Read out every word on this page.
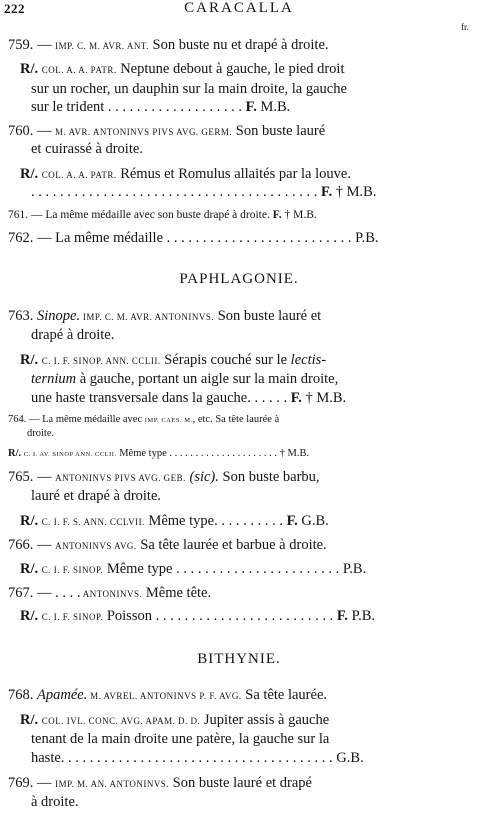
222	CARACALLA
fr.
759. — IMP. C. M. AVR. ANT. Son buste nu et drapé à droite.
R/. COL. A. A. PATR. Neptune debout à gauche, le pied droit
sur un rocher, un dauphin sur la main droite, la gauche
sur le trident . . . . . . . . . . . . . . . . . . . F. M.B.
760. — M. AVR. ANTONINVS PIVS AVG. GERM. Son buste lauré
et cuirassé à droite.
R/. COL. A. A. PATR. Rémus et Romulus allaités par la louve.
. . . . . . . . . . . . . . . . . . . . . . . . . . . . . . . . . . . . . . . . F. † M.B.
761. — La même médaille avec son buste drapé à droite. F. † M.B.
762. — La même médaille . . . . . . . . . . . . . . . . . . . . . . . . . . P.B.
PAPHLAGONIE.
763. Sinope. IMP. C. M. AVR. ANTONINVS. Son buste lauré et
drapé à droite.
R/. C. I. F. SINOP. ANN. CCLII. Sérapis couché sur le lectis-
ternium à gauche, portant un aigle sur la main droite,
une haste transversale dans la gauche. . . . . . F. † M.B.
764. — La même médaille avec IMP. CAES. M., etc. Sa tête laurée à
droite.
R/. C. I. AV. SINOP ANN. CCLII. Même type . . . . . . . . . . . . . . . . . . . . . † M.B.
765. — ANTONINVS PIVS AVG. GEB. (sic). Son buste barbu,
lauré et drapé à droite.
R/. C. I. F. S. ANN. CCLVII. Même type. . . . . . . . . . F. G.B.
766. — ANTONINVS AVG. Sa tête laurée et barbue à droite.
R/. C. I. F. SINOP. Même type . . . . . . . . . . . . . . . . . . . . . . . P.B.
767. — . . . . ANTONINVS. Même tête.
R/. C. I. F. SINOP. Poisson . . . . . . . . . . . . . . . . . . . . . . . . . F. P.B.
BITHYNIE.
768. Apamée. M. AVREL. ANTONINVS P. F. AVG. Sa tête laurée.
R/. COL. IVL. CONC. AVG. APAM. D. D. Jupiter assis à gauche
tenant de la main droite une patère, la gauche sur la
haste. . . . . . . . . . . . . . . . . . . . . . . . . . . . . . . . . . . . . . G.B.
769. — IMP. M. AN. ANTONINVS. Son buste lauré et drapé
à droite.
